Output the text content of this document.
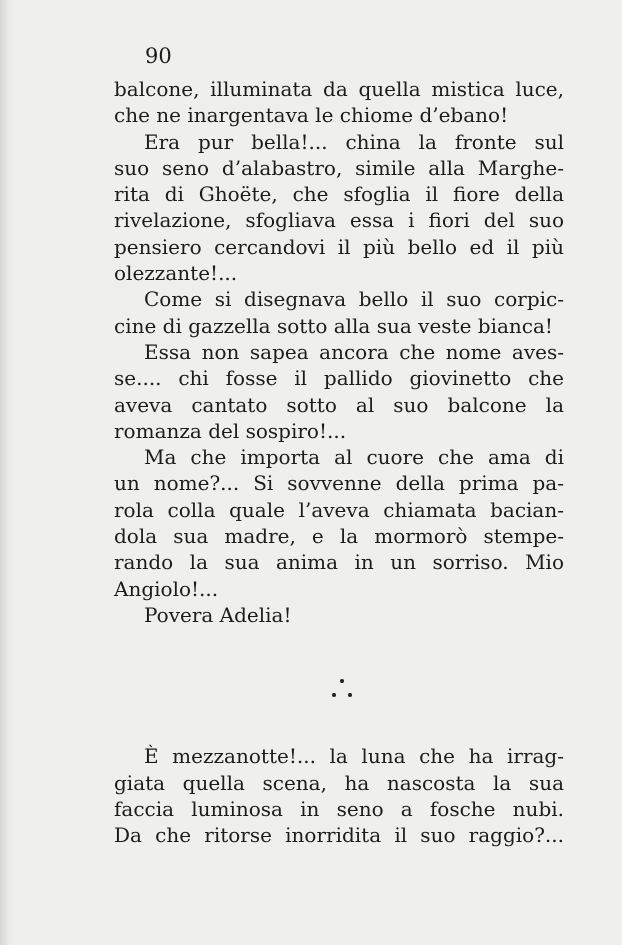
90
balcone, illuminata da quella mistica luce,
che ne inargentava le chiome d’ebano!
Era pur bella!... china la fronte sul
suo seno d’alabastro, simile alla Marghe-
rita di Ghoëte, che sfoglia il fiore della
rivelazione, sfogliava essa i fiori del suo
pensiero cercandovi il più bello ed il più
olezzante!...
Come si disegnava bello il suo corpic-
cine di gazzella sotto alla sua veste bianca!
Essa non sapea ancora che nome aves-
se.... chi fosse il pallido giovinetto che
aveva cantato sotto al suo balcone la
romanza del sospiro!...
Ma che importa al cuore che ama di
un nome?... Si sovvenne della prima pa-
rola colla quale l’aveva chiamata bacian-
dola sua madre, e la mormorò stempe-
rando la sua anima in un sorriso. Mio
Angiolo!...
Povera Adelia!
È mezzanotte!... la luna che ha irrag-
giata quella scena, ha nascosta la sua
faccia luminosa in seno a fosche nubi.
Da che ritorse inorridita il suo raggio?...
